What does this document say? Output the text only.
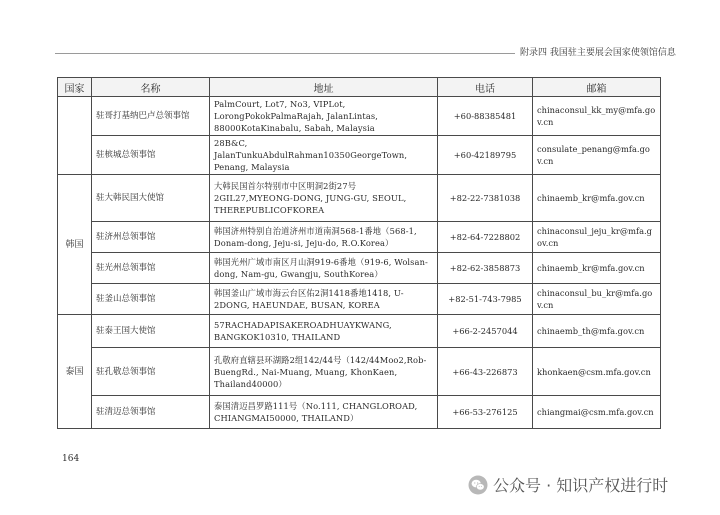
附录四 我国驻主要展会国家使领馆信息
国家	名称	地址	电话	邮箱
	驻哥打基纳巴卢总领事馆	PalmCourt, Lot7, No3, VIPLot, LorongPokokPalmaRajah, JalanLintas, 88000KotaKinabalu, Sabah, Malaysia	+60-88385481	chinaconsul_kk_my@mfa.gov.cn
	驻槟城总领事馆	28B&C, JalanTunkuAbdulRahman10350GeorgeTown, Penang, Malaysia	+60-42189795	consulate_penang@mfa.gov.cn
韩国	驻大韩民国大使馆	大韩民国首尔特别市中区明洞2街27号2GIL27,MYEONG-DONG, JUNG-GU, SEOUL, THEREPUBLICOFKOREA	+82-22-7381038	chinaemb_kr@mfa.gov.cn
	驻济州总领事馆	韩国济州特别自治道济州市道南洞568-1番地（568-1, Donam-dong, Jeju-si, Jeju-do, R.O.Korea）	+82-64-7228802	chinaconsul_jeju_kr@mfa.gov.cn
	驻光州总领事馆	韩国光州广域市南区月山洞919-6番地（919-6, Wolsan-dong, Nam-gu, Gwangju, SouthKorea）	+82-62-3858873	chinaemb_kr@mfa.gov.cn
	驻釜山总领事馆	韩国釜山广域市海云台区佑2洞1418番地1418, U-2DONG, HAEUNDAE, BUSAN, KOREA	+82-51-743-7985	chinaconsul_bu_kr@mfa.gov.cn
泰国	驻泰王国大使馆	57RACHADAPISAKEROADHUAYKWANG, BANGKOK10310, THAILAND	+66-2-2457044	chinaemb_th@mfa.gov.cn
	驻孔敬总领事馆	孔敬府直辖县环湖路2组142/44号（142/44Moo2,Rob-BuengRd., Nai-Muang, Muang, KhonKaen, Thailand40000）	+66-43-226873	khonkaen@csm.mfa.gov.cn
	驻清迈总领事馆	泰国清迈昌罗路111号（No.111, CHANGLOROAD, CHIANGMAI50000, THAILAND）	+66-53-276125	chiangmai@csm.mfa.gov.cn
164
公众号 · 知识产权进行时
